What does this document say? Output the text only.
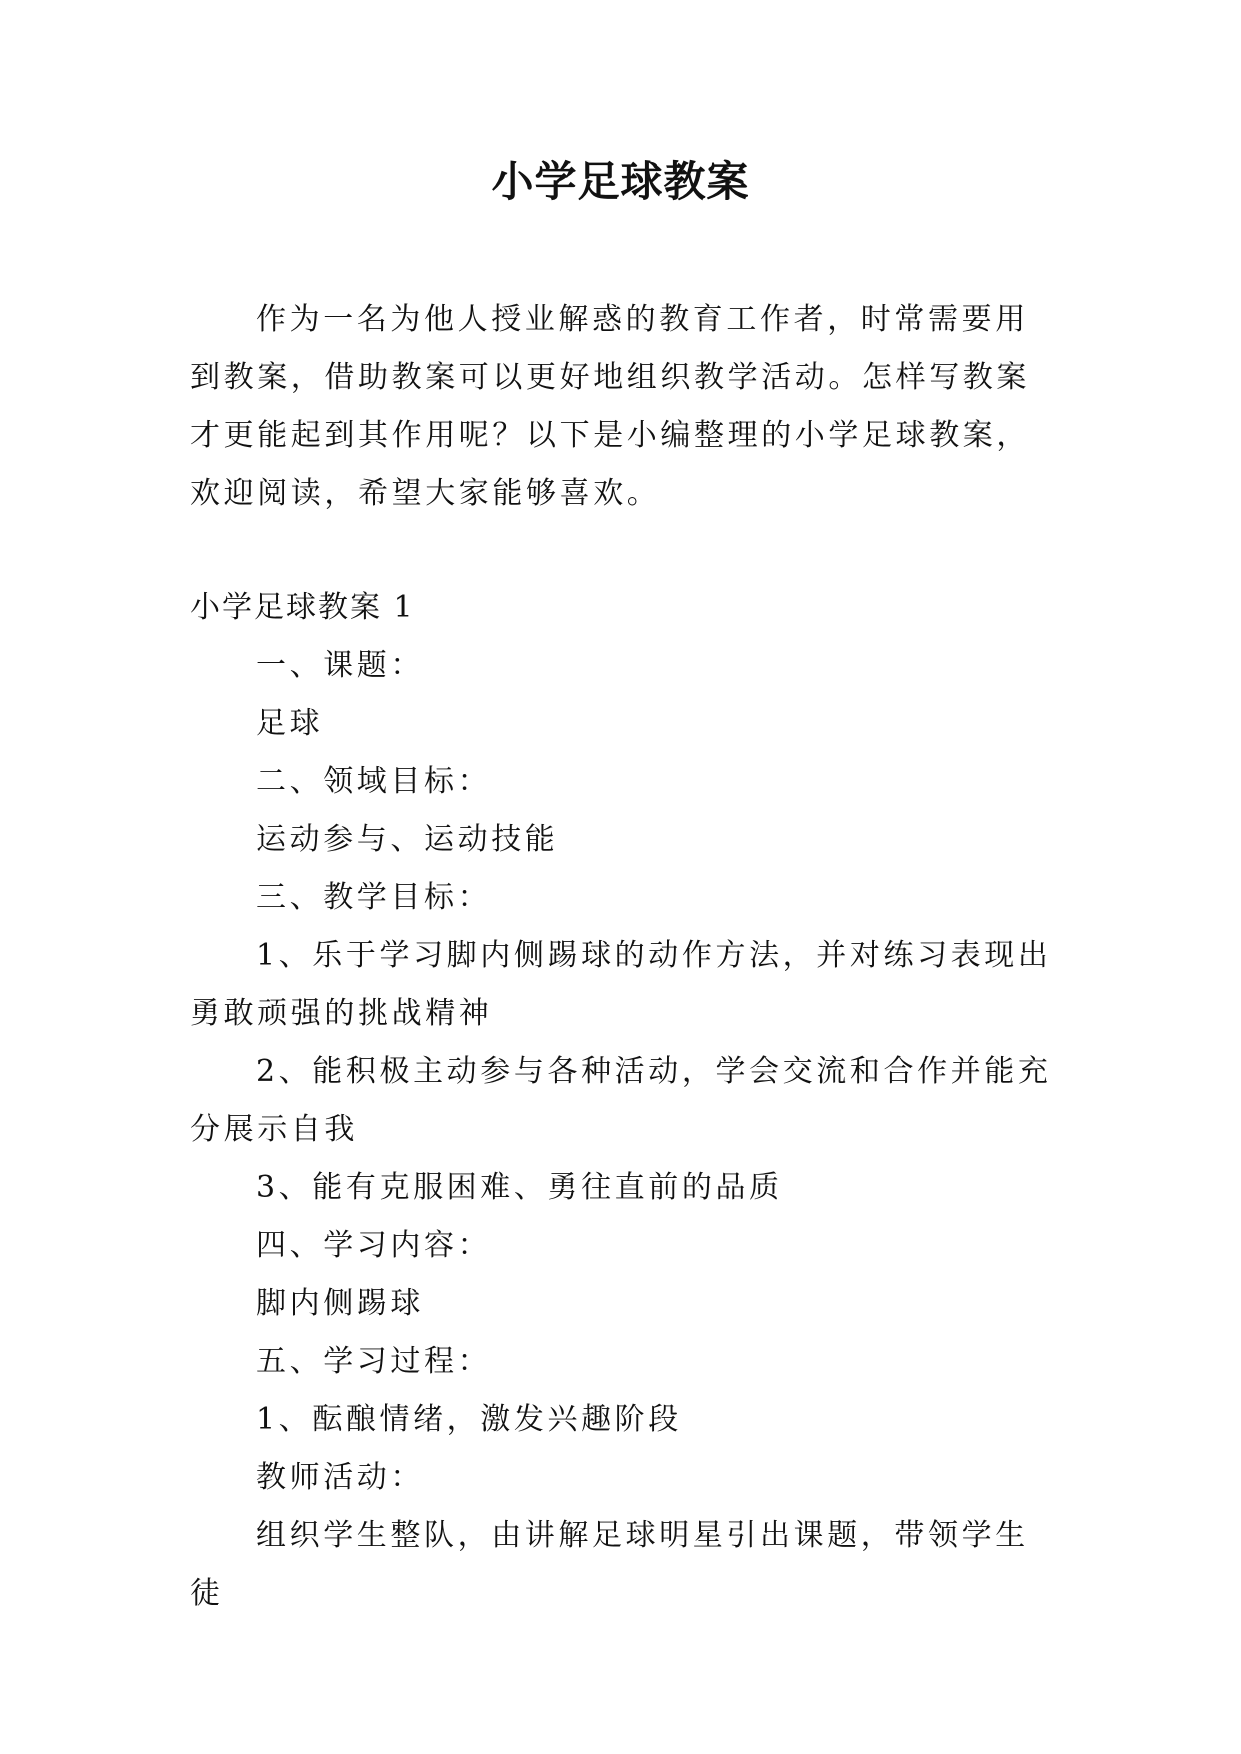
小学足球教案

作为一名为他人授业解惑的教育工作者，时常需要用到教案，借助教案可以更好地组织教学活动。怎样写教案才更能起到其作用呢？以下是小编整理的小学足球教案，欢迎阅读，希望大家能够喜欢。

小学足球教案 1

一、课题：

足球

二、领域目标：

运动参与、运动技能

三、教学目标：

1、乐于学习脚内侧踢球的动作方法，并对练习表现出勇敢顽强的挑战精神

2、能积极主动参与各种活动，学会交流和合作并能充分展示自我

3、能有克服困难、勇往直前的品质

四、学习内容：

脚内侧踢球

五、学习过程：

1、酝酿情绪，激发兴趣阶段

教师活动：

组织学生整队，由讲解足球明星引出课题，带领学生徒
